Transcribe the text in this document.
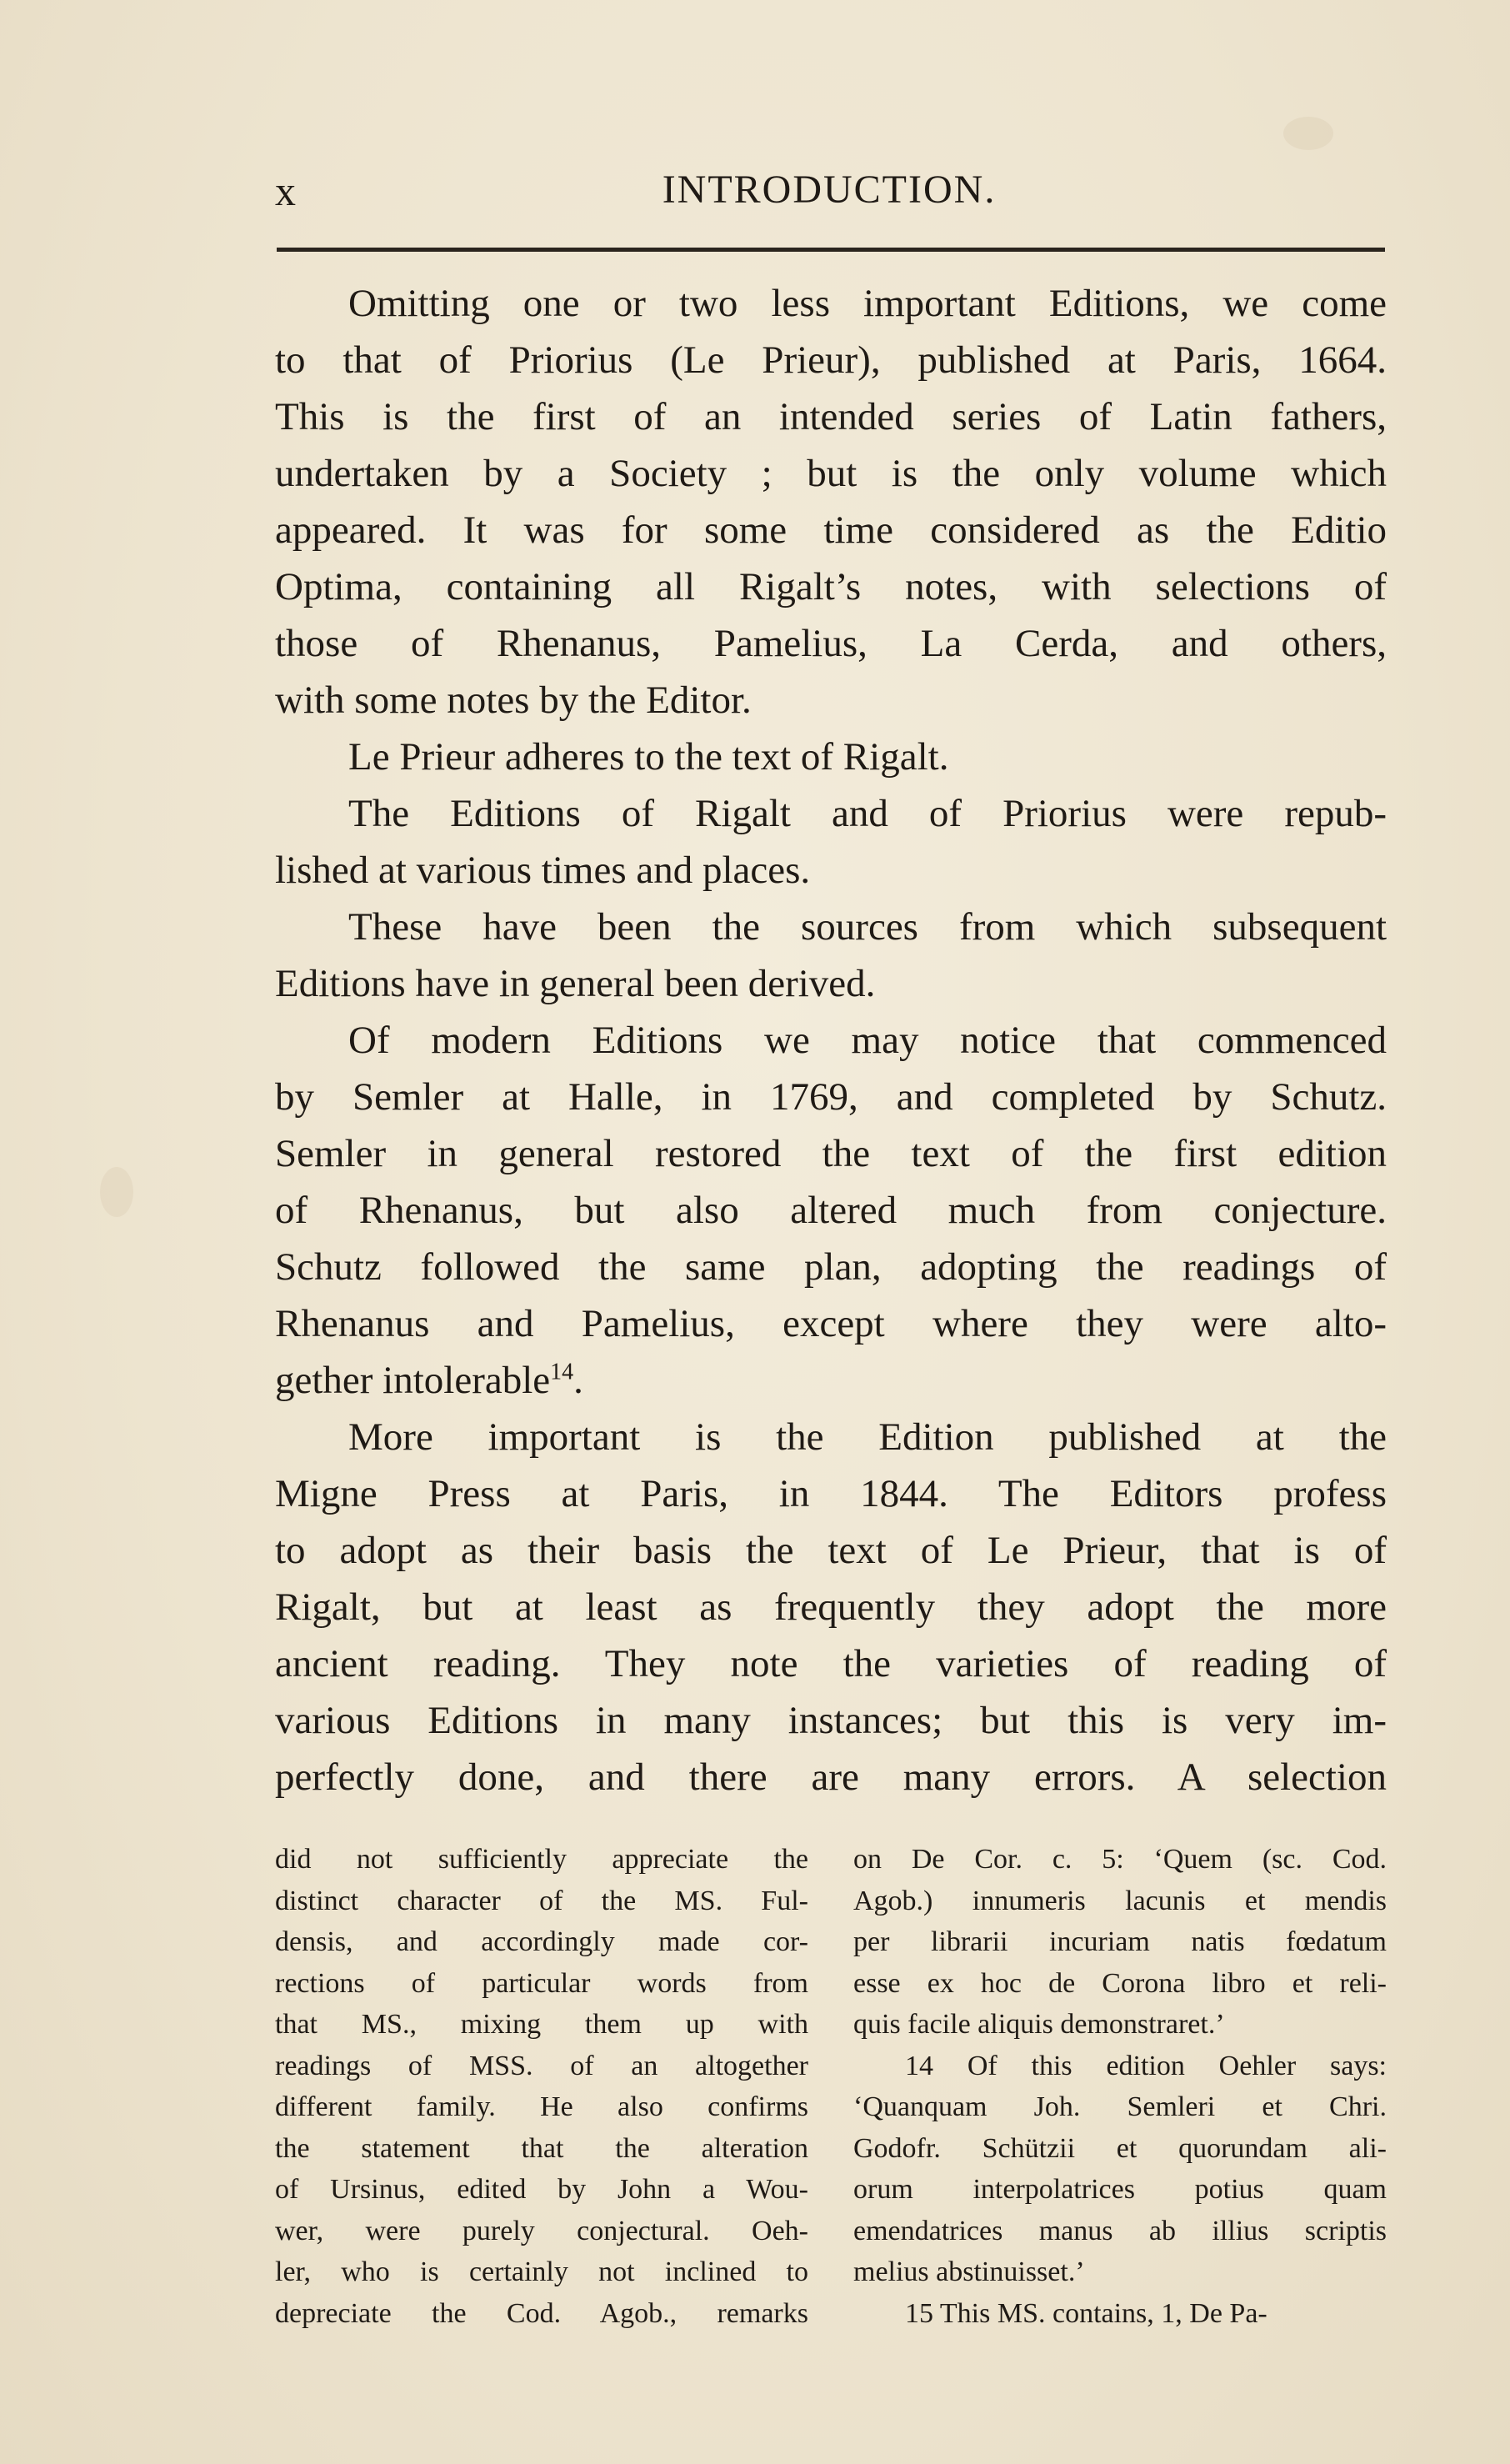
x	INTRODUCTION.
Omitting one or two less important Editions, we come
to that of Priorius (Le Prieur), published at Paris, 1664.
This is the first of an intended series of Latin fathers,
undertaken by a Society ; but is the only volume which
appeared. It was for some time considered as the Editio
Optima, containing all Rigalt’s notes, with selections of
those of Rhenanus, Pamelius, La Cerda, and others,
with some notes by the Editor.
Le Prieur adheres to the text of Rigalt.
The Editions of Rigalt and of Priorius were repub-
lished at various times and places.
These have been the sources from which subsequent
Editions have in general been derived.
Of modern Editions we may notice that commenced
by Semler at Halle, in 1769, and completed by Schutz.
Semler in general restored the text of the first edition
of Rhenanus, but also altered much from conjecture.
Schutz followed the same plan, adopting the readings of
Rhenanus and Pamelius, except where they were alto-
gether intolerable$^{14}$.
More important is the Edition published at the
Migne Press at Paris, in 1844. The Editors profess
to adopt as their basis the text of Le Prieur, that is of
Rigalt, but at least as frequently they adopt the more
ancient reading. They note the varieties of reading of
various Editions in many instances; but this is very im-
perfectly done, and there are many errors. A selection
did not sufficiently appreciate the
distinct character of the MS. Ful-
densis, and accordingly made cor-
rections of particular words from
that MS., mixing them up with
readings of MSS. of an altogether
different family. He also confirms
the statement that the alteration
of Ursinus, edited by John a Wou-
wer, were purely conjectural. Oeh-
ler, who is certainly not inclined to
depreciate the Cod. Agob., remarks
on De Cor. c. 5: ‘Quem (sc. Cod.
Agob.) innumeris lacunis et mendis
per librarii incuriam natis fœdatum
esse ex hoc de Corona libro et reli-
quis facile aliquis demonstraret.’
14 Of this edition Oehler says:
‘Quanquam Joh. Semleri et Chri.
Godofr. Schützii et quorundam ali-
orum interpolatrices potius quam
emendatrices manus ab illius scriptis
melius abstinuisset.’
15 This MS. contains, 1, De Pa-
